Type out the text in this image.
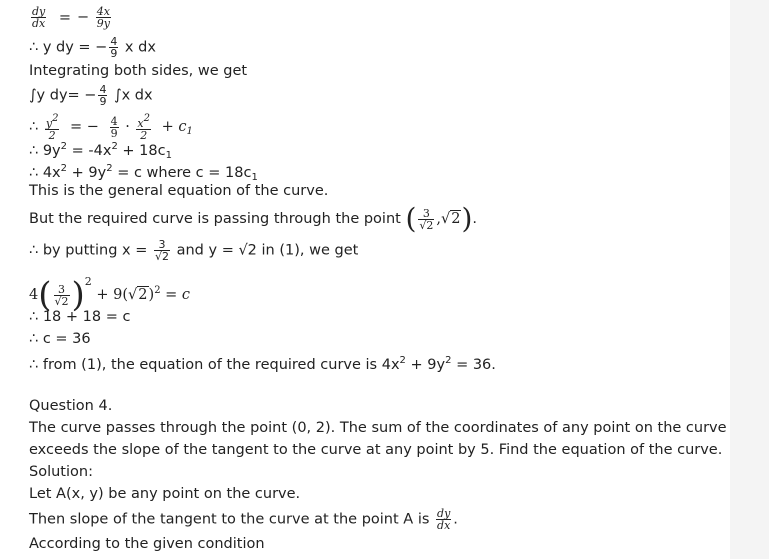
$\frac{dy}{dx}$ = − $\frac{4x}{9y}$
∴ y dy = − $\frac{4}{9}$ x dx
Integrating both sides, we get
∫y $dy= - \frac{4}{9} \int x$ dx
∴ $\frac{y2}{2}$ = − $\frac{4}{9} \cdot \frac{x2}{2} + c_1$
∴ $9y^2 = -4x^2 + 18c_1$
∴ $4x^2 + 9y^2 = c$ where $c = 18c_1$
This is the general equation of the curve.
But the required curve is passing through the point ( $\frac{3}{√2} ,√2$).
∴ by putting $x = \frac{3}{√2}$ and y = √2 in (1), we get
$4( \frac{3}{√2} )^2 + 9(√2)^2 = c$
∴ 18 + 18 = c
∴ c = 36
∴ from (1), the equation of the required curve is $4x^2 + 9y^2 = 36$.
Question 4.
The curve passes through the point (0, 2). The sum of the coordinates of any point on the curve
exceeds the slope of the tangent to the curve at any point by 5. Find the equation of the curve.
Solution:
Let A(x, y) be any point on the curve.
Then slope of the tangent to the curve at the point A is $\frac{dy}{dx}$ .
According to the given condition
